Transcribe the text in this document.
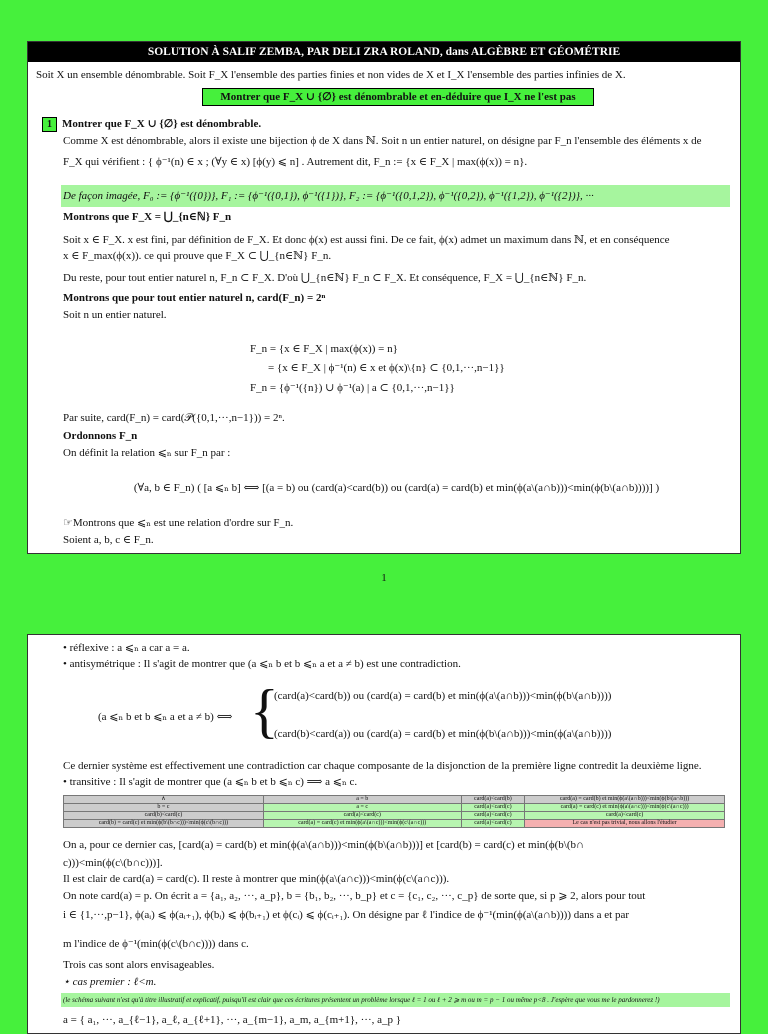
SOLUTION À SALIF ZEMBA, PAR DELI ZRA ROLAND, dans ALGÈBRE ET GÉOMÉTRIE
Soit X un ensemble dénombrable. Soit F_X l'ensemble des parties finies et non vides de X et I_X l'ensemble des parties infinies de X.
Montrer que F_X ∪ {∅} est dénombrable et en-déduire que I_X ne l'est pas
1 Montrer que F_X ∪ {∅} est dénombrable.
Comme X est dénombrable, alors il existe une bijection ϕ de X dans ℕ. Soit n un entier naturel, on désigne par F_n l'ensemble des éléments x de
F_X qui vérifient : { ϕ⁻¹(n) ∈ x ; (∀y ∈ x) [ϕ(y) ⩽ n] . Autrement dit, F_n := {x ∈ F_X | max(ϕ(x)) = n}.
De façon imagée, F₀ := {ϕ⁻¹({0})}, F₁ := {ϕ⁻¹({0,1}), ϕ⁻¹({1})}, F₂ := {ϕ⁻¹({0,1,2}), ϕ⁻¹({0,2}), ϕ⁻¹({1,2}), ϕ⁻¹({2})}, ···
Montrons que F_X = ⋃_{n∈ℕ} F_n
Soit x ∈ F_X. x est fini, par définition de F_X. Et donc ϕ(x) est aussi fini. De ce fait, ϕ(x) admet un maximum dans ℕ, et en conséquence
x ∈ F_max(ϕ(x)). ce qui prouve que F_X ⊂ ⋃_{n∈ℕ} F_n.
Du reste, pour tout entier naturel n, F_n ⊂ F_X. D'où ⋃_{n∈ℕ} F_n ⊂ F_X. Et conséquence, F_X = ⋃_{n∈ℕ} F_n.
Montrons que pour tout entier naturel n, card(F_n) = 2ⁿ
Soit n un entier naturel.
F_n = {x ∈ F_X | max(ϕ(x)) = n}
= {x ∈ F_X | ϕ⁻¹(n) ∈ x et ϕ(x)\{n} ⊂ {0,1,···,n−1}}
F_n = {ϕ⁻¹({n}) ∪ ϕ⁻¹(a) | a ⊂ {0,1,···,n−1}}
Par suite, card(F_n) = card(𝒫({0,1,···,n−1})) = 2ⁿ.
Ordonnons F_n
On définit la relation ⩽ₙ sur F_n par :
(∀a, b ∈ F_n) ( [a ⩽ₙ b] ⟺ [(a = b) ou (card(a)<card(b)) ou (card(a) = card(b) et min(ϕ(a\(a∩b)))<min(ϕ(b\(a∩b))))] )
☞Montrons que ⩽ₙ est une relation d'ordre sur F_n.
Soient a, b, c ∈ F_n.
1
• réflexive : a ⩽ₙ a car a = a.
• antisymétrique : Il s'agit de montrer que (a ⩽ₙ b et b ⩽ₙ a et a ≠ b) est une contradiction.
(a ⩽ₙ b et b ⩽ₙ a et a ≠ b) ⟺ {
(card(a)<card(b)) ou (card(a) = card(b) et min(ϕ(a\(a∩b)))<min(ϕ(b\(a∩b))))
(card(b)<card(a)) ou (card(a) = card(b) et min(ϕ(b\(a∩b)))<min(ϕ(a\(a∩b))))
Ce dernier système est effectivement une contradiction car chaque composante de la disjonction de la première ligne contredit la deuxième ligne.
• transitive : Il s'agit de montrer que (a ⩽ₙ b et b ⩽ₙ c) ⟹ a ⩽ₙ c.
∧	a = b	card(a)<card(b)	card(a) = card(b) et min(ϕ(a\(a∩b)))<min(ϕ(b\(a∩b)))
b = c	a = c	card(a)<card(c)	card(a) = card(c) et min(ϕ(a\(a∩c)))<min(ϕ(c\(a∩c)))
card(b)<card(c)	card(a)<card(c)	card(a)<card(c)	card(a)<card(c)
card(b) = card(c) et min(ϕ(b\(b∩c)))<min(ϕ(c\(b∩c)))	card(a) = card(c) et min(ϕ(a\(a∩c)))<min(ϕ(c\(a∩c)))	card(a)<card(c)	Le cas n'est pas trivial, nous allons l'étudier
On a, pour ce dernier cas, [card(a) = card(b) et min(ϕ(a\(a∩b)))<min(ϕ(b\(a∩b)))] et [card(b) = card(c) et min(ϕ(b\(b∩
c)))<min(ϕ(c\(b∩c)))].
Il est clair de card(a) = card(c). Il reste à montrer que min(ϕ(a\(a∩c)))<min(ϕ(c\(a∩c))).
On note card(a) = p. On écrit a = {a₁, a₂, ···, a_p}, b = {b₁, b₂, ···, b_p} et c = {c₁, c₂, ···, c_p} de sorte que, si p ⩾ 2, alors pour tout
i ∈ {1,···,p−1}, ϕ(aᵢ) ⩽ ϕ(aᵢ₊₁), ϕ(bᵢ) ⩽ ϕ(bᵢ₊₁) et ϕ(cᵢ) ⩽ ϕ(cᵢ₊₁). On désigne par ℓ l'indice de ϕ⁻¹(min(ϕ(a\(a∩b)))) dans a et par
m l'indice de ϕ⁻¹(min(ϕ(c\(b∩c)))) dans c.
Trois cas sont alors envisageables.
⋆ cas premier : ℓ<m.
(le schéma suivant n'est qu'à titre illustratif et explicatif, puisqu'il est clair que ces écritures présentent un problème lorsque ℓ = 1 ou ℓ + 2 ⩾ m ou m = p − 1 ou même p<8 . J'espère que vous me le pardonnerez !)
a = { a₁, ···, a_{ℓ−1}, a_ℓ, a_{ℓ+1}, ···, a_{m−1}, a_m, a_{m+1}, ···, a_p }
